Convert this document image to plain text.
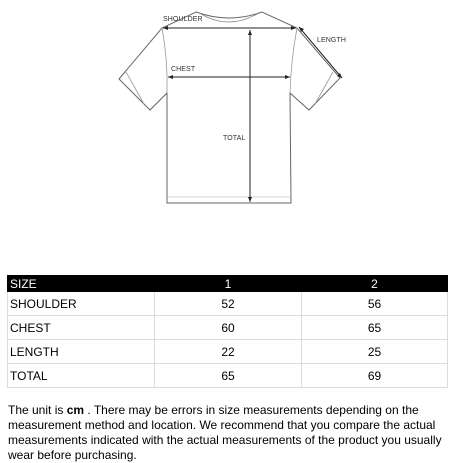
SHOULDER
LENGTH
CHEST
TOTAL
SIZE	1	2
SHOULDER	52	56
CHEST	60	65
LENGTH	22	25
TOTAL	65	69

The unit is cm . There may be errors in size measurements depending on the measurement method and location. We recommend that you compare the actual measurements indicated with the actual measurements of the product you usually wear before purchasing.
